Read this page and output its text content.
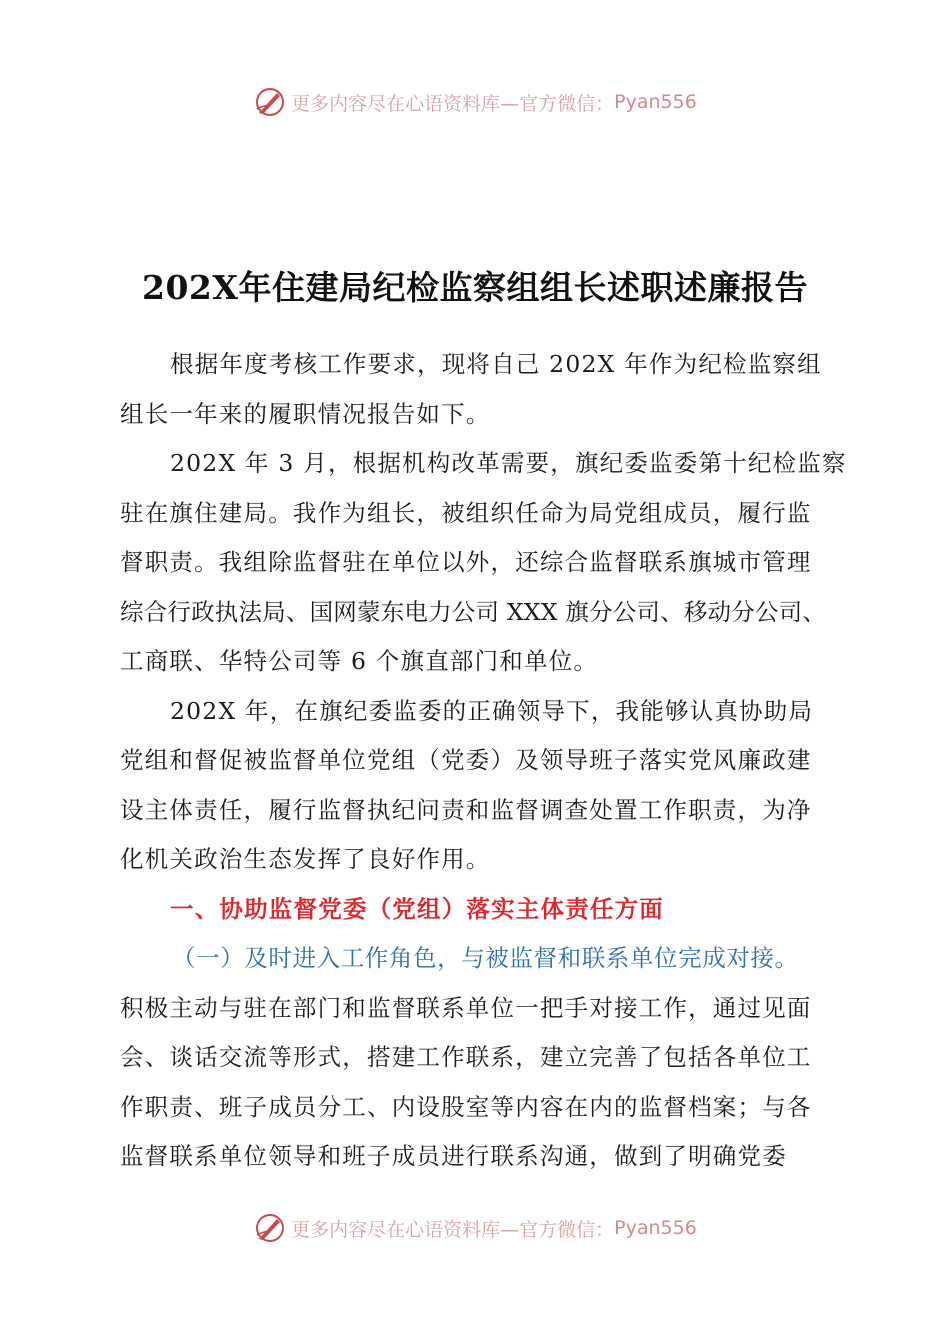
更多内容尽在心语资料库—官方微信： Pyan556
202X年住建局纪检监察组组长述职述廉报告

根据年度考核工作要求，现将自己 202X 年作为纪检监察组

组长一年来的履职情况报告如下。

202X 年 3 月，根据机构改革需要，旗纪委监委第十纪检监察

驻在旗住建局。我作为组长，被组织任命为局党组成员，履行监

督职责。我组除监督驻在单位以外，还综合监督联系旗城市管理

综合行政执法局、国网蒙东电力公司 XXX 旗分公司、移动分公司、

工商联、华特公司等 6 个旗直部门和单位。

202X 年，在旗纪委监委的正确领导下，我能够认真协助局

党组和督促被监督单位党组（党委）及领导班子落实党风廉政建

设主体责任，履行监督执纪问责和监督调查处置工作职责，为净

化机关政治生态发挥了良好作用。

一、协助监督党委（党组）落实主体责任方面

（一）及时进入工作角色，与被监督和联系单位完成对接。

积极主动与驻在部门和监督联系单位一把手对接工作，通过见面

会、谈话交流等形式，搭建工作联系，建立完善了包括各单位工

作职责、班子成员分工、内设股室等内容在内的监督档案；与各

监督联系单位领导和班子成员进行联系沟通，做到了明确党委

更多内容尽在心语资料库—官方微信： Pyan556
